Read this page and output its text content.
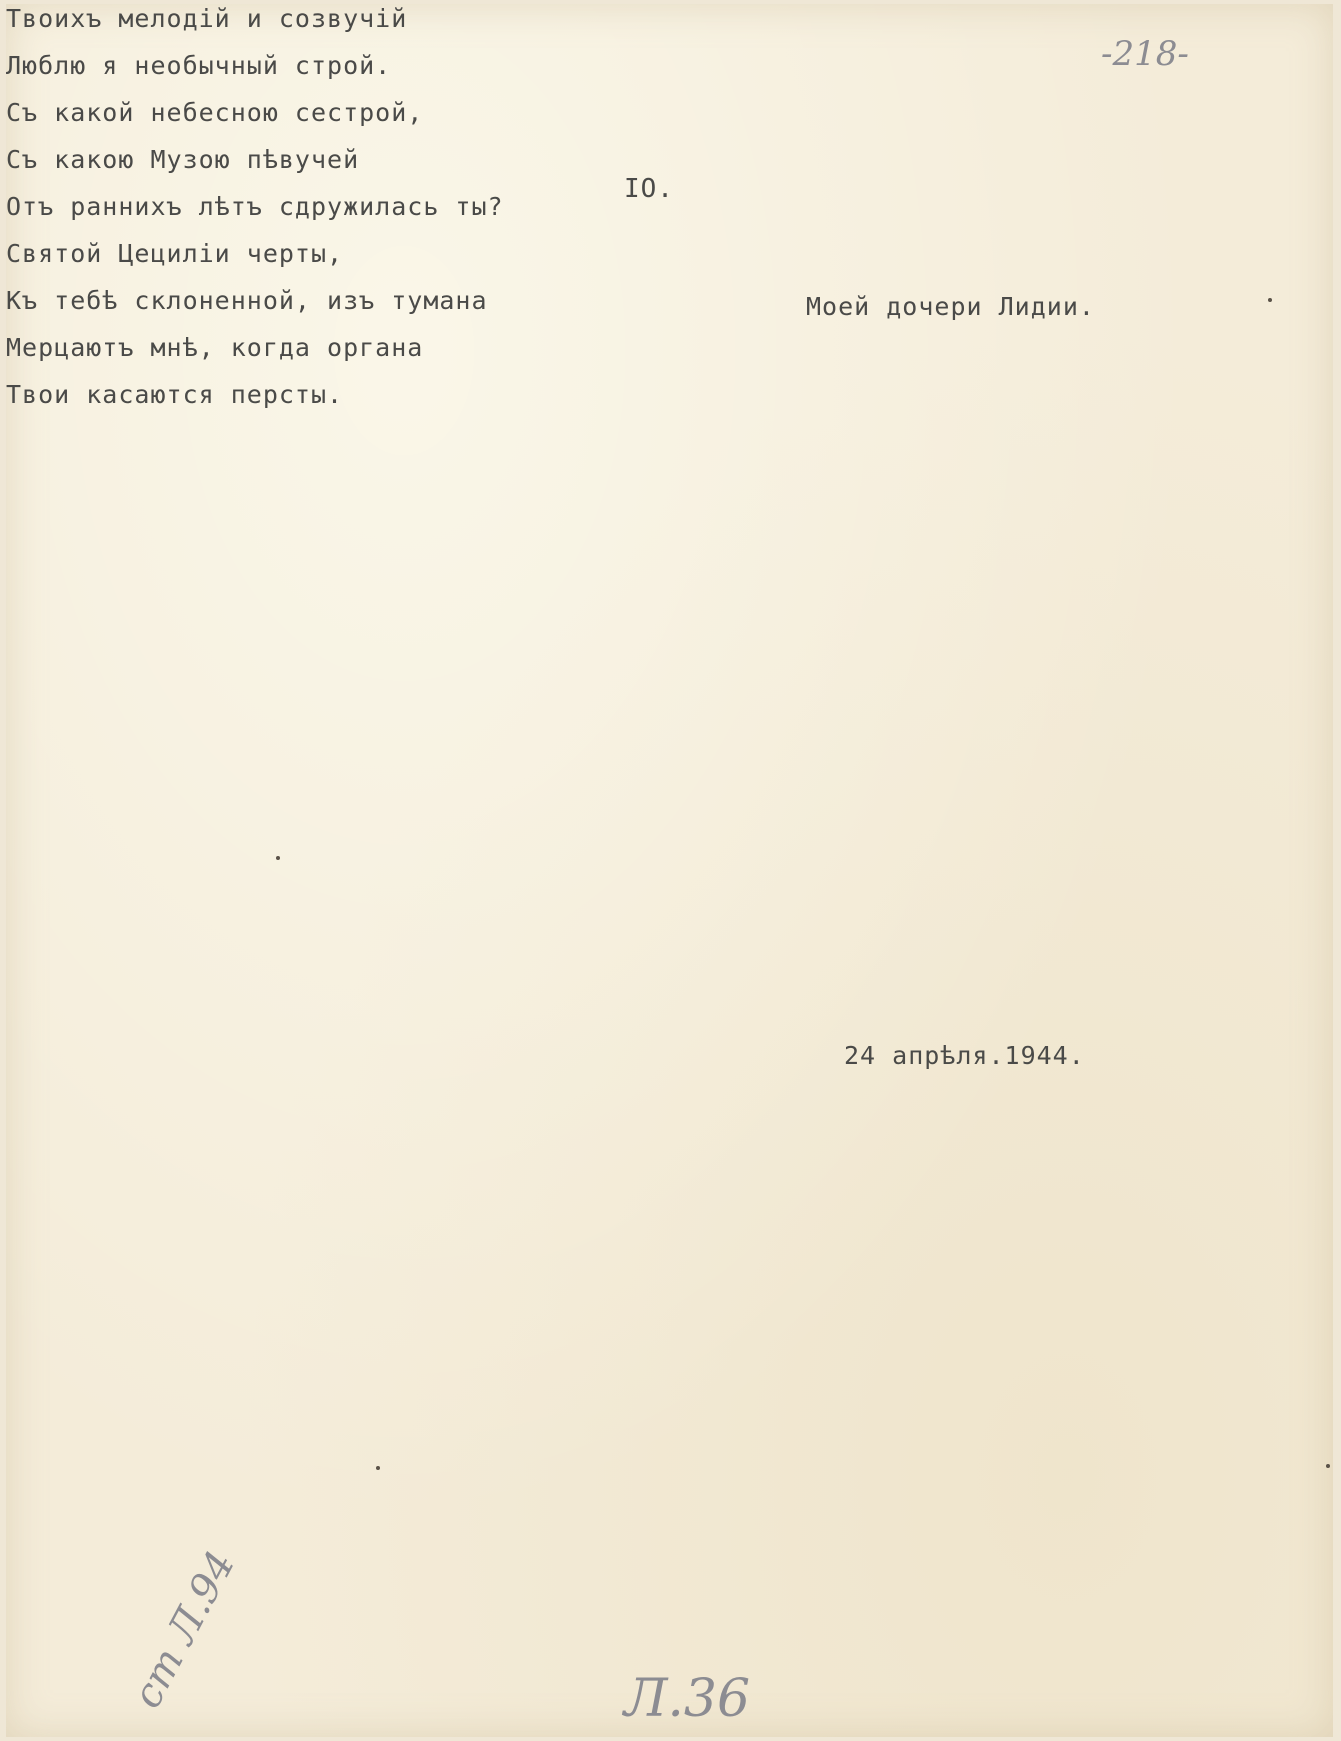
-218-
IO.
Моей дочери Лидии.
Твоихъ мелодій и созвучій
Люблю я необычный строй.
Съ какой небесною сестрой,
Съ какою Музою пѣвучей
Отъ раннихъ лѣтъ сдружилась ты?
Святой Цециліи черты,
Къ тебѣ склоненной, изъ тумана
Мерцаютъ мнѣ, когда органа
Твои касаются персты.
24 апрѣля.1944.
ст Л.94	Л.36
